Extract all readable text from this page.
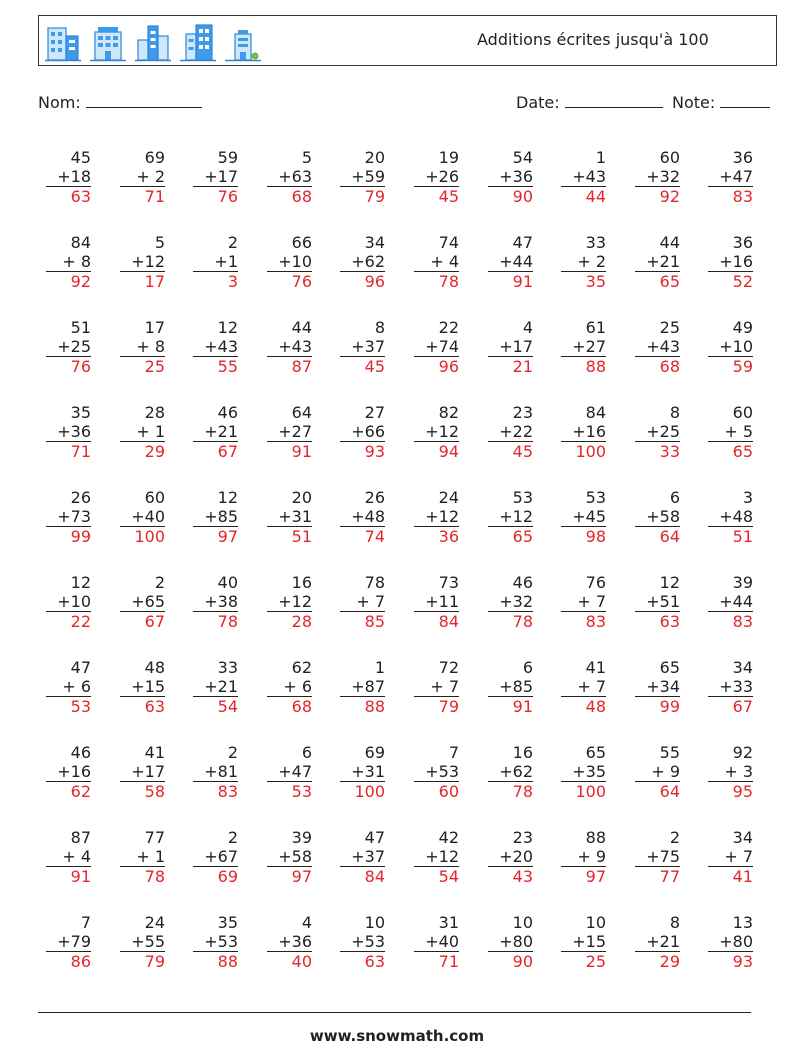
Additions écrites jusqu'à 100
Nom:	Date:	Note:
45
+18
63
69
+ 2
71
59
+17
76
5
+63
68
20
+59
79
19
+26
45
54
+36
90
1
+43
44
60
+32
92
36
+47
83
84
+ 8
92
5
+12
17
2
+1
3
66
+10
76
34
+62
96
74
+ 4
78
47
+44
91
33
+ 2
35
44
+21
65
36
+16
52
51
+25
76
17
+ 8
25
12
+43
55
44
+43
87
8
+37
45
22
+74
96
4
+17
21
61
+27
88
25
+43
68
49
+10
59
35
+36
71
28
+ 1
29
46
+21
67
64
+27
91
27
+66
93
82
+12
94
23
+22
45
84
+16
100
8
+25
33
60
+ 5
65
26
+73
99
60
+40
100
12
+85
97
20
+31
51
26
+48
74
24
+12
36
53
+12
65
53
+45
98
6
+58
64
3
+48
51
12
+10
22
2
+65
67
40
+38
78
16
+12
28
78
+ 7
85
73
+11
84
46
+32
78
76
+ 7
83
12
+51
63
39
+44
83
47
+ 6
53
48
+15
63
33
+21
54
62
+ 6
68
1
+87
88
72
+ 7
79
6
+85
91
41
+ 7
48
65
+34
99
34
+33
67
46
+16
62
41
+17
58
2
+81
83
6
+47
53
69
+31
100
7
+53
60
16
+62
78
65
+35
100
55
+ 9
64
92
+ 3
95
87
+ 4
91
77
+ 1
78
2
+67
69
39
+58
97
47
+37
84
42
+12
54
23
+20
43
88
+ 9
97
2
+75
77
34
+ 7
41
7
+79
86
24
+55
79
35
+53
88
4
+36
40
10
+53
63
31
+40
71
10
+80
90
10
+15
25
8
+21
29
13
+80
93
www.snowmath.com
